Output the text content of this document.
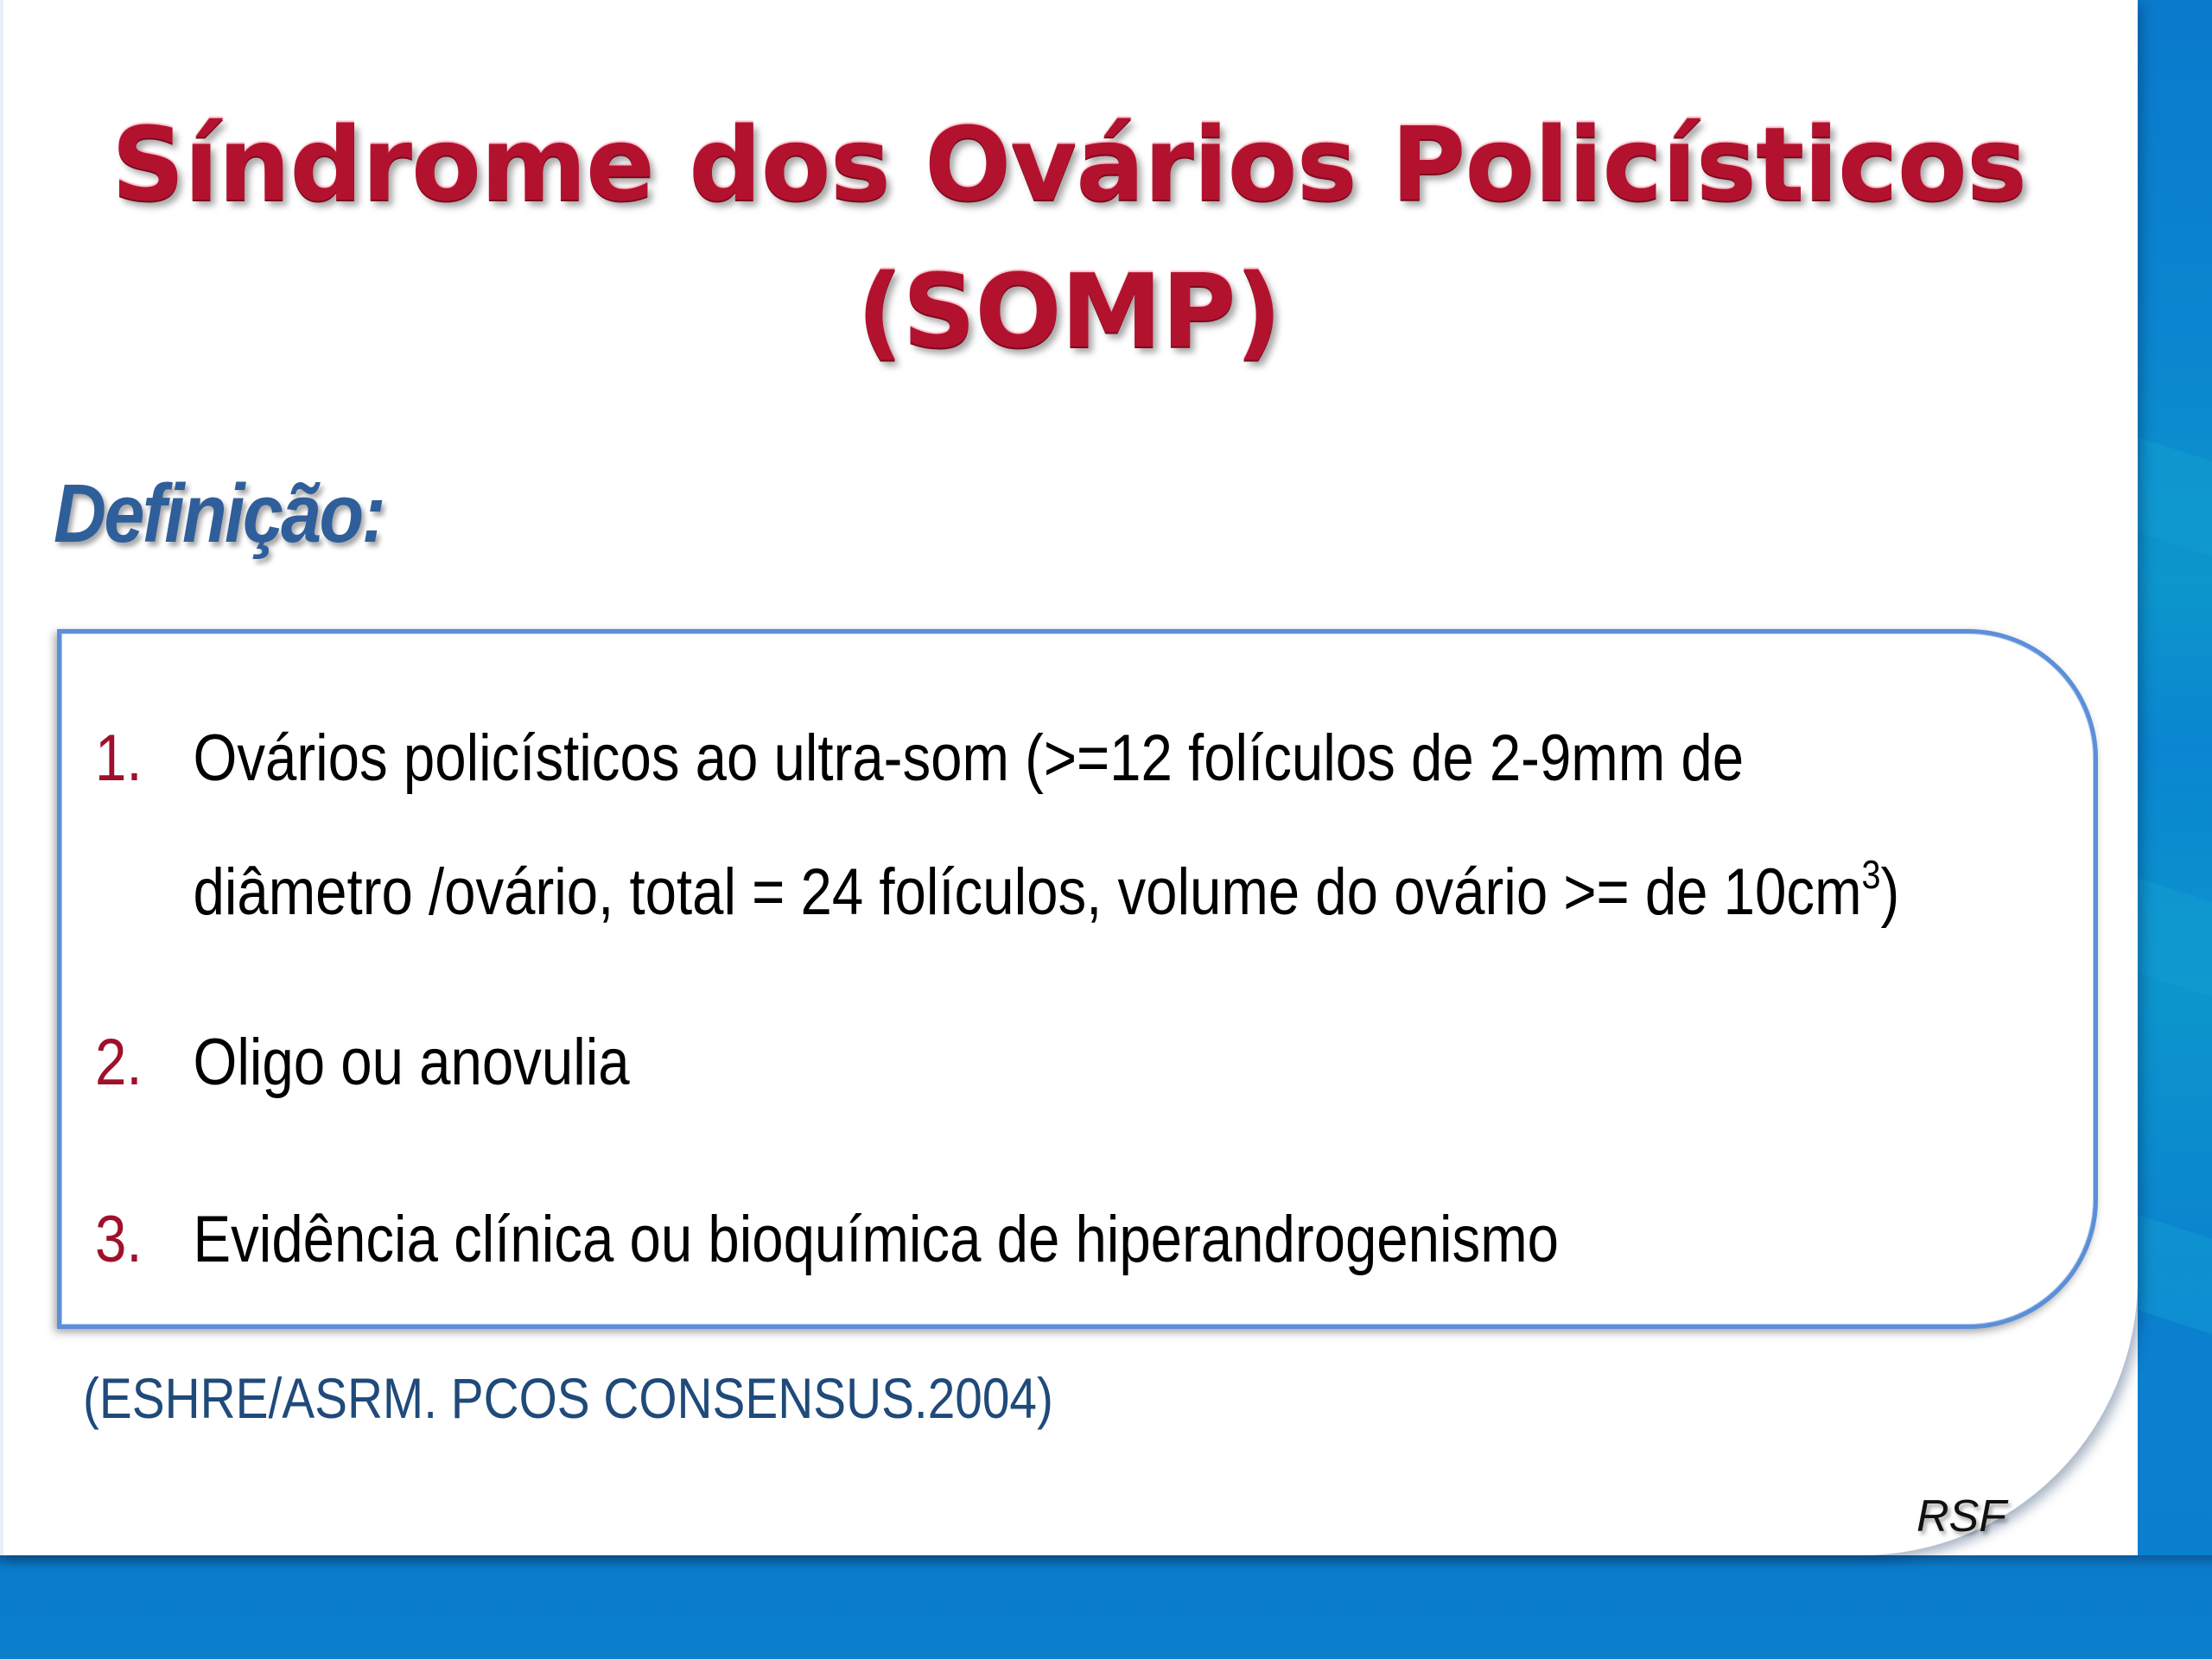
Síndrome dos Ovários Policísticos
(SOMP)
Definição:
1. Ovários policísticos ao ultra-som (>=12 folículos de 2-9mm de
diâmetro /ovário, total = 24 folículos, volume do ovário >= de $10cm^3$)
2. Oligo ou anovulia
3. Evidência clínica ou bioquímica de hiperandrogenismo
(ESHRE/ASRM. PCOS CONSENSUS.2004)
RSF
